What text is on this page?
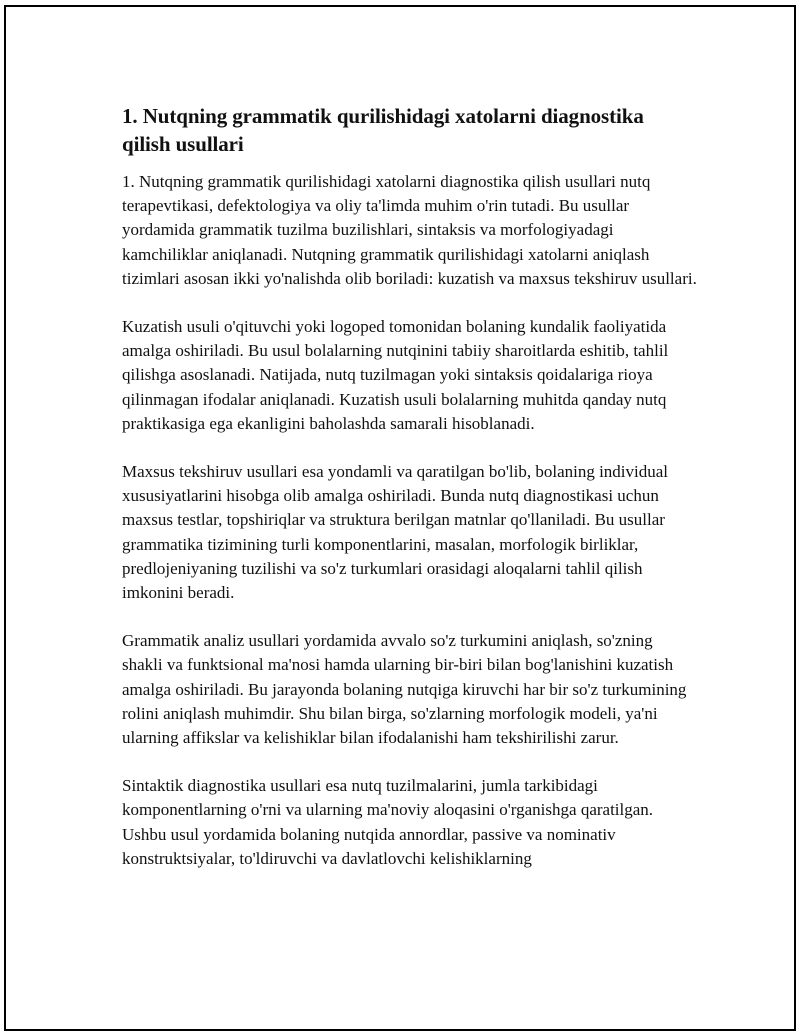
1. Nutqning grammatik qurilishidagi xatolarni diagnostika qilish usullari

1. Nutqning grammatik qurilishidagi xatolarni diagnostika qilish usullari nutq terapevtikasi, defektologiya va oliy ta'limda muhim o'rin tutadi. Bu usullar yordamida grammatik tuzilma buzilishlari, sintaksis va morfologiyadagi kamchiliklar aniqlanadi. Nutqning grammatik qurilishidagi xatolarni aniqlash tizimlari asosan ikki yo'nalishda olib boriladi: kuzatish va maxsus tekshiruv usullari.

Kuzatish usuli o'qituvchi yoki logoped tomonidan bolaning kundalik faoliyatida amalga oshiriladi. Bu usul bolalarning nutqinini tabiiy sharoitlarda eshitib, tahlil qilishga asoslanadi. Natijada, nutq tuzilmagan yoki sintaksis qoidalariga rioya qilinmagan ifodalar aniqlanadi. Kuzatish usuli bolalarning muhitda qanday nutq praktikasiga ega ekanligini baholashda samarali hisoblanadi.

Maxsus tekshiruv usullari esa yondamli va qaratilgan bo'lib, bolaning individual xususiyatlarini hisobga olib amalga oshiriladi. Bunda nutq diagnostikasi uchun maxsus testlar, topshiriqlar va struktura berilgan matnlar qo'llaniladi. Bu usullar grammatika tizimining turli komponentlarini, masalan, morfologik birliklar, predlojeniyaning tuzilishi va so'z turkumlari orasidagi aloqalarni tahlil qilish imkonini beradi.

Grammatik analiz usullari yordamida avvalo so'z turkumini aniqlash, so'zning shakli va funktsional ma'nosi hamda ularning bir-biri bilan bog'lanishini kuzatish amalga oshiriladi. Bu jarayonda bolaning nutqiga kiruvchi har bir so'z turkumining rolini aniqlash muhimdir. Shu bilan birga, so'zlarning morfologik modeli, ya'ni ularning affikslar va kelishiklar bilan ifodalanishi ham tekshirilishi zarur.

Sintaktik diagnostika usullari esa nutq tuzilmalarini, jumla tarkibidagi komponentlarning o'rni va ularning ma'noviy aloqasini o'rganishga qaratilgan. Ushbu usul yordamida bolaning nutqida annordlar, passive va nominativ konstruktsiyalar, to'ldiruvchi va davlatlovchi kelishiklarning
